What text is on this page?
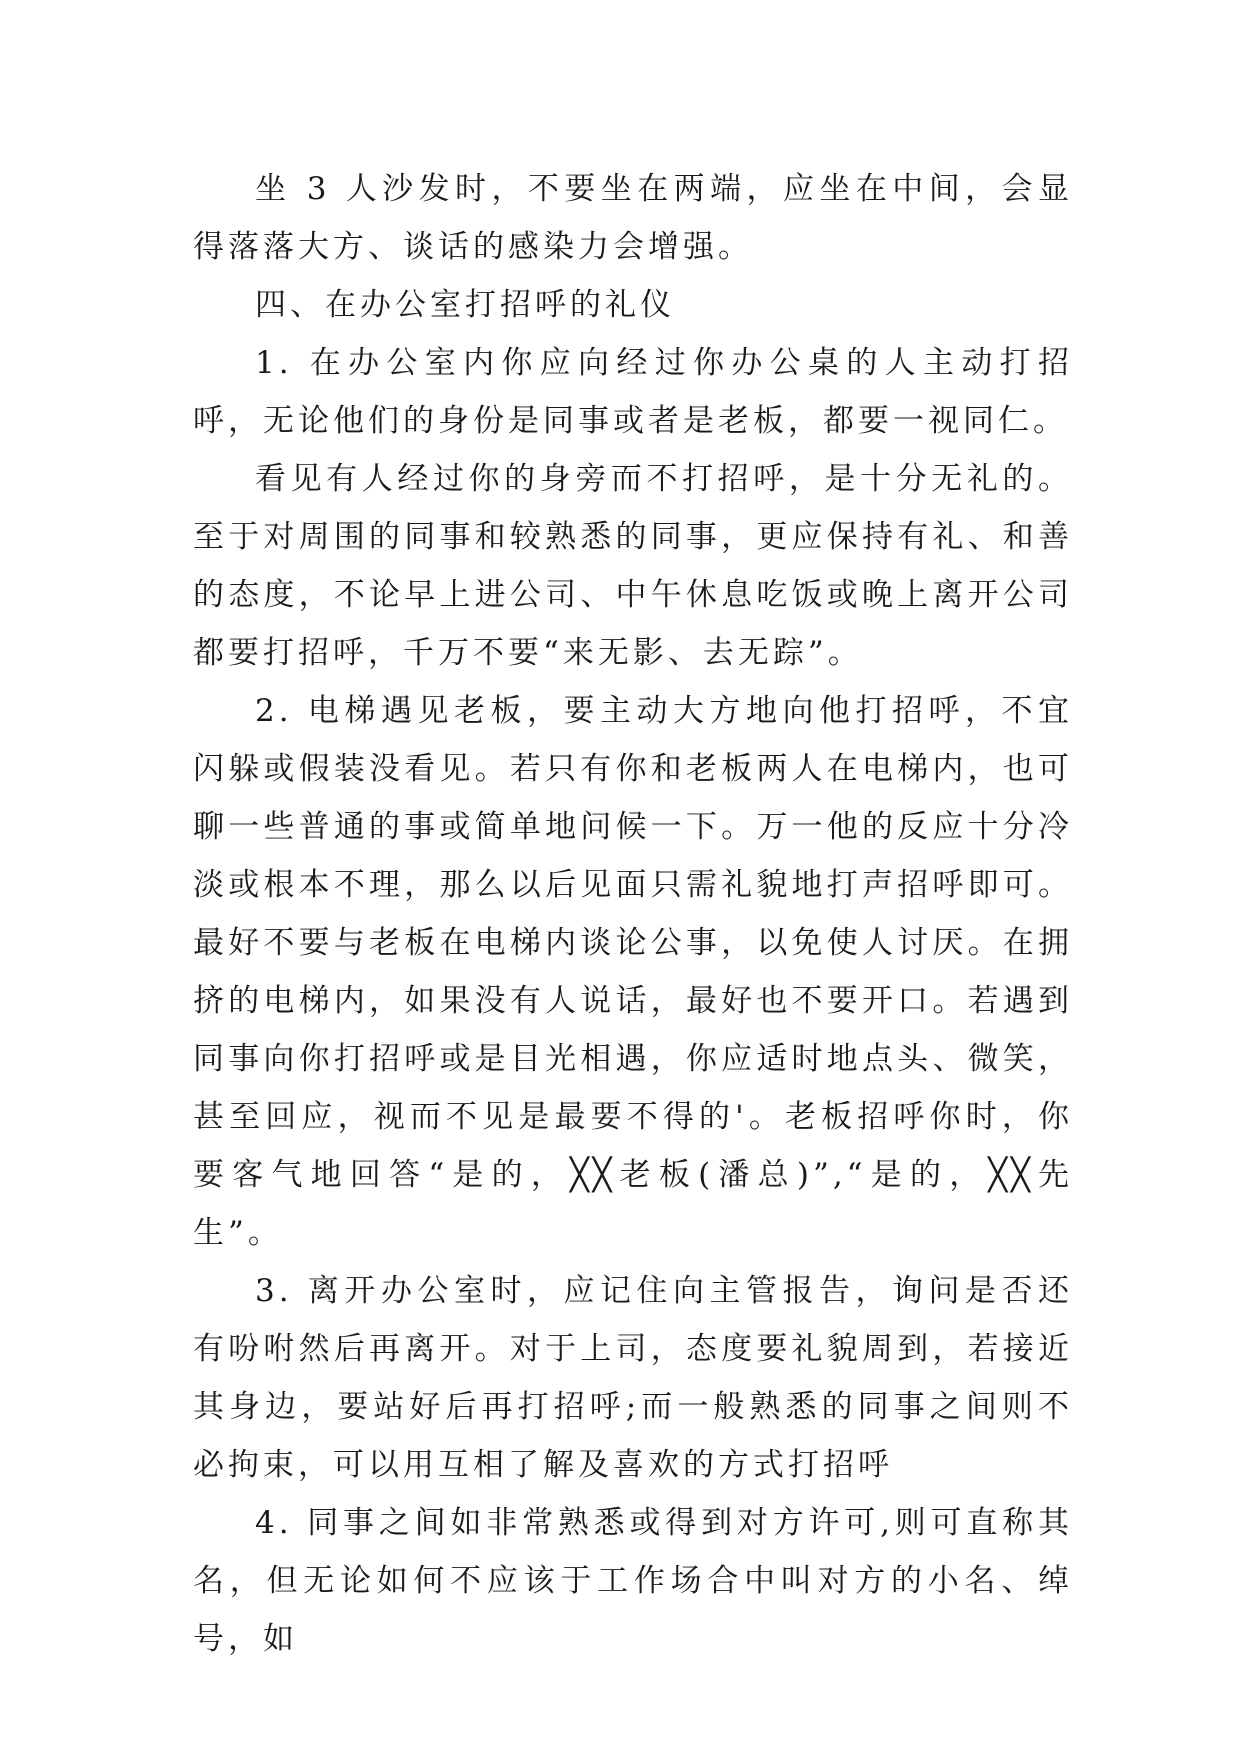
坐 3 人沙发时，不要坐在两端，应坐在中间，会显得落落大方、谈话的感染力会增强。

四、在办公室打招呼的礼仪

1. 在办公室内你应向经过你办公桌的人主动打招呼，无论他们的身份是同事或者是老板，都要一视同仁。

看见有人经过你的身旁而不打招呼，是十分无礼的。至于对周围的同事和较熟悉的同事，更应保持有礼、和善的态度，不论早上进公司、中午休息吃饭或晚上离开公司都要打招呼，千万不要“来无影、去无踪”。

2. 电梯遇见老板，要主动大方地向他打招呼，不宜闪躲或假装没看见。若只有你和老板两人在电梯内，也可聊一些普通的事或简单地问候一下。万一他的反应十分冷淡或根本不理，那么以后见面只需礼貌地打声招呼即可。最好不要与老板在电梯内谈论公事，以免使人讨厌。在拥挤的电梯内，如果没有人说话，最好也不要开口。若遇到同事向你打招呼或是目光相遇，你应适时地点头、微笑，甚至回应，视而不见是最要不得的'。老板招呼你时，你要客气地回答“是的，╳╳老板(潘总)”,“是的，╳╳先生”。

3. 离开办公室时，应记住向主管报告，询问是否还有吩咐然后再离开。对于上司，态度要礼貌周到，若接近其身边，要站好后再打招呼;而一般熟悉的同事之间则不必拘束，可以用互相了解及喜欢的方式打招呼

4. 同事之间如非常熟悉或得到对方许可,则可直称其名，但无论如何不应该于工作场合中叫对方的小名、绰号，如
